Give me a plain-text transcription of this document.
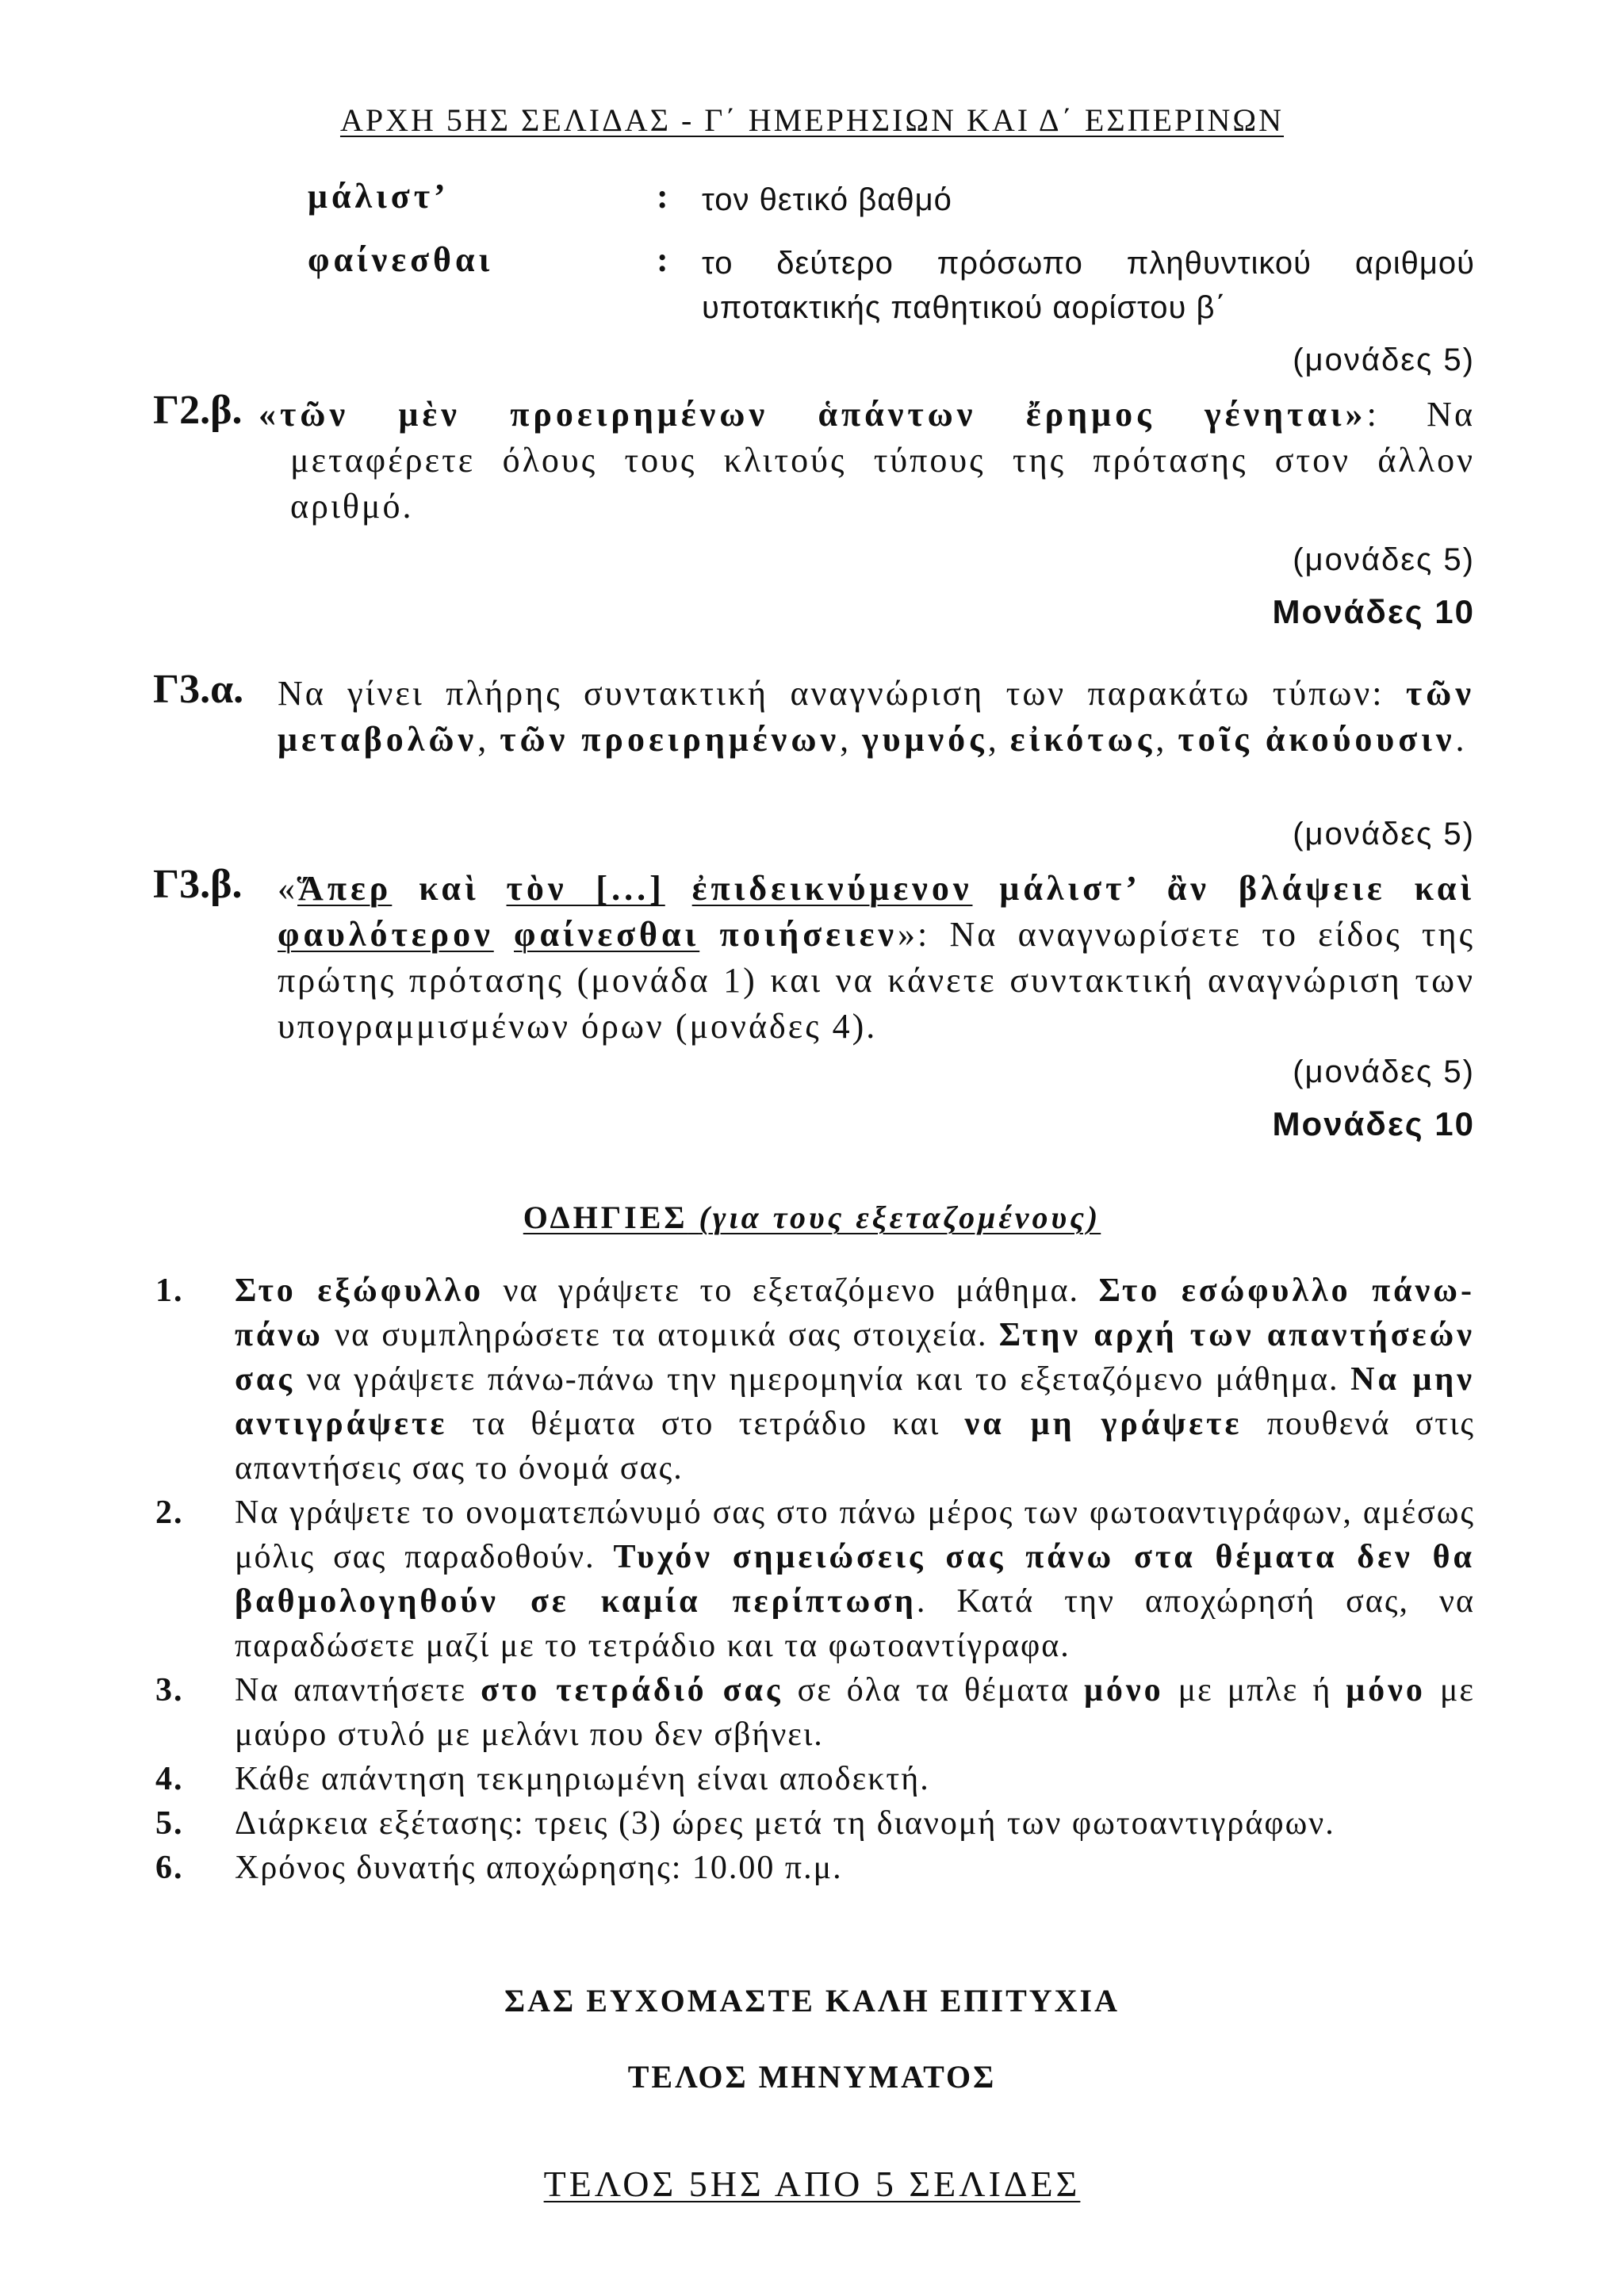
ΑΡΧΗ 5ΗΣ ΣΕΛΙΔΑΣ - Γ΄ ΗΜΕΡΗΣΙΩΝ ΚΑΙ Δ΄ ΕΣΠΕΡΙΝΩΝ
μάλιστ’	: τον θετικό βαθμό
φαίνεσθαι	: το δεύτερο πρόσωπο πληθυντικού αριθμού
υποτακτικής παθητικού αορίστου β΄
(μονάδες 5)
Γ2.β. «τῶν μὲν προειρημένων ἁπάντων ἔρημος γένηται»: Να
μεταφέρετε όλους τους κλιτούς τύπους της πρότασης στον άλλον αριθμό.
(μονάδες 5)
Μονάδες 10
Γ3.α. Να γίνει πλήρης συντακτική αναγνώριση των παρακάτω τύπων: τῶν μεταβολῶν, τῶν προειρημένων, γυμνός, εἰκότως, τοῖς ἀκούουσιν.
(μονάδες 5)
Γ3.β. «Ἅπερ καὶ τὸν [...] ἐπιδεικνύμενον μάλιστ’ ἂν βλάψειε καὶ φαυλότερον φαίνεσθαι ποιήσειεν»: Να αναγνωρίσετε το είδος της πρώτης πρότασης (μονάδα 1) και να κάνετε συντακτική αναγνώριση των υπογραμμισμένων όρων (μονάδες 4).
(μονάδες 5)
Μονάδες 10
ΟΔΗΓΙΕΣ (για τους εξεταζομένους)
1. Στο εξώφυλλο να γράψετε το εξεταζόμενο μάθημα. Στο εσώφυλλο πάνω-πάνω να συμπληρώσετε τα ατομικά σας στοιχεία. Στην αρχή των απαντήσεών σας να γράψετε πάνω-πάνω την ημερομηνία και το εξεταζόμενο μάθημα. Να μην αντιγράψετε τα θέματα στο τετράδιο και να μη γράψετε πουθενά στις απαντήσεις σας το όνομά σας.
2. Να γράψετε το ονοματεπώνυμό σας στο πάνω μέρος των φωτοαντιγράφων, αμέσως μόλις σας παραδοθούν. Τυχόν σημειώσεις σας πάνω στα θέματα δεν θα βαθμολογηθούν σε καμία περίπτωση. Κατά την αποχώρησή σας, να παραδώσετε μαζί με το τετράδιο και τα φωτοαντίγραφα.
3. Να απαντήσετε στο τετράδιό σας σε όλα τα θέματα μόνο με μπλε ή μόνο με μαύρο στυλό με μελάνι που δεν σβήνει.
4. Κάθε απάντηση τεκμηριωμένη είναι αποδεκτή.
5. Διάρκεια εξέτασης: τρεις (3) ώρες μετά τη διανομή των φωτοαντιγράφων.
6. Χρόνος δυνατής αποχώρησης: 10.00 π.μ.
ΣΑΣ ΕΥΧΟΜΑΣΤΕ ΚΑΛΗ ΕΠΙΤΥΧΙΑ
ΤΕΛΟΣ ΜΗΝΥΜΑΤΟΣ
ΤΕΛΟΣ 5ΗΣ ΑΠΟ 5 ΣΕΛΙΔΕΣ
